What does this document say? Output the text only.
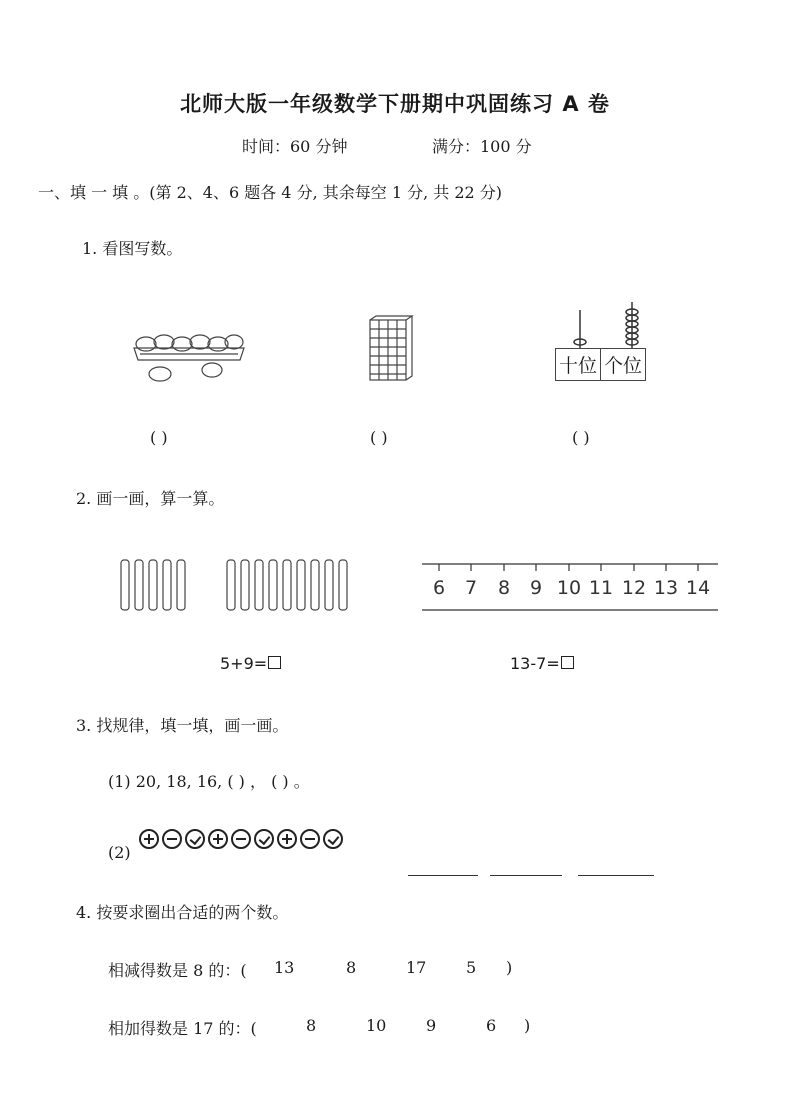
北师大版一年级数学下册期中巩固练习 A 卷
时间：60 分钟	满分：100 分
一、填 一 填 。(第 2、4、6 题各 4 分, 其余每空 1 分, 共 22 分)
1. 看图写数。
十位 个位
( )	( )	( )
2. 画一画，算一算。
6 7 8 9 10 11 12 13 14
5+9=	13-7=
3. 找规律，填一填，画一画。
(1) 20, 18, 16, ( ) ， ( ) 。
(2)
4. 按要求圈出合适的两个数。
相减得数是 8 的：( 13	8	17 5 )
相加得数是 17 的：(	8	10 9	6 )
